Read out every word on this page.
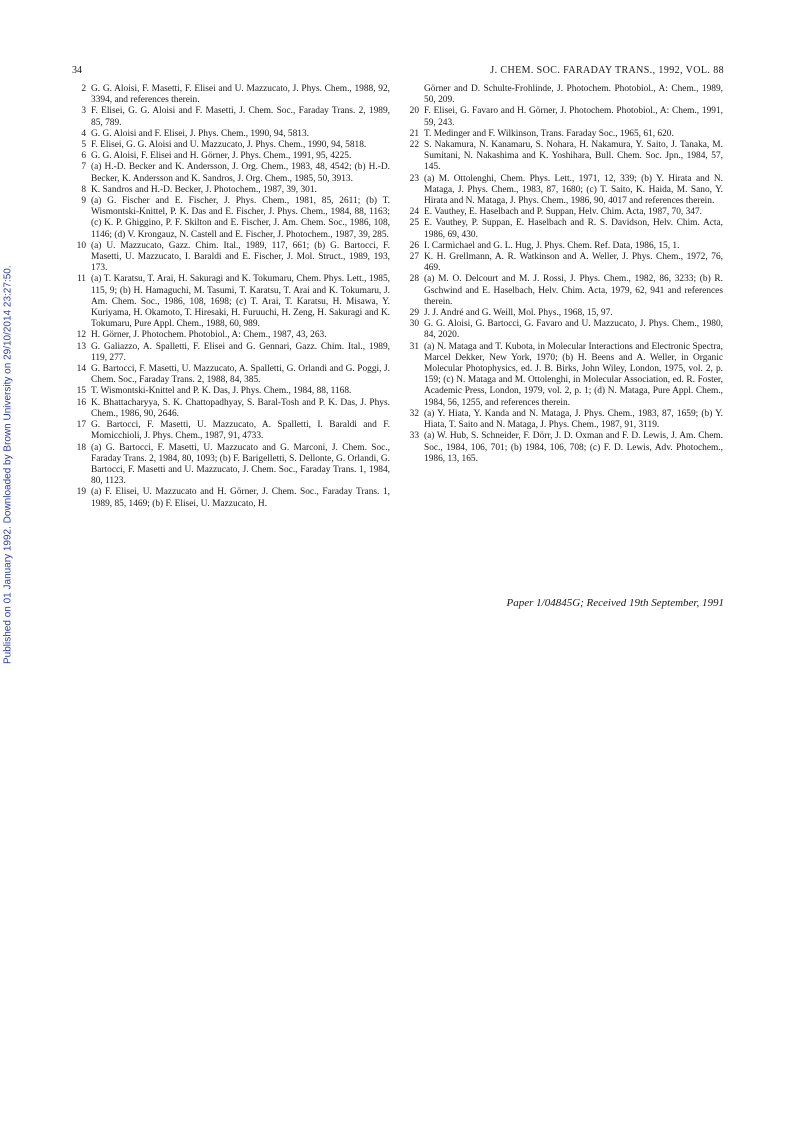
Published on 01 January 1992. Downloaded by Brown University on 29/10/2014 23:27:50.
34	J. CHEM. SOC. FARADAY TRANS., 1992, VOL. 88
2 G. G. Aloisi, F. Masetti, F. Elisei and U. Mazzucato, J. Phys. Chem., 1988, 92, 3394, and references therein.
3 F. Elisei, G. G. Aloisi and F. Masetti, J. Chem. Soc., Faraday Trans. 2, 1989, 85, 789.
4 G. G. Aloisi and F. Elisei, J. Phys. Chem., 1990, 94, 5813.
5 F. Elisei, G. G. Aloisi and U. Mazzucato, J. Phys. Chem., 1990, 94, 5818.
6 G. G. Aloisi, F. Elisei and H. Görner, J. Phys. Chem., 1991, 95, 4225.
7 (a) H.-D. Becker and K. Andersson, J. Org. Chem., 1983, 48, 4542; (b) H.-D. Becker, K. Andersson and K. Sandros, J. Org. Chem., 1985, 50, 3913.
8 K. Sandros and H.-D. Becker, J. Photochem., 1987, 39, 301.
9 (a) G. Fischer and E. Fischer, J. Phys. Chem., 1981, 85, 2611; (b) T. Wismontski-Knittel, P. K. Das and E. Fischer, J. Phys. Chem., 1984, 88, 1163; (c) K. P. Ghiggino, P. F. Skilton and E. Fischer, J. Am. Chem. Soc., 1986, 108, 1146; (d) V. Krongauz, N. Castell and E. Fischer, J. Photochem., 1987, 39, 285.
10 (a) U. Mazzucato, Gazz. Chim. Ital., 1989, 117, 661; (b) G. Bartocci, F. Masetti, U. Mazzucato, I. Baraldi and E. Fischer, J. Mol. Struct., 1989, 193, 173.
11 (a) T. Karatsu, T. Arai, H. Sakuragi and K. Tokumaru, Chem. Phys. Lett., 1985, 115, 9; (b) H. Hamaguchi, M. Tasumi, T. Karatsu, T. Arai and K. Tokumaru, J. Am. Chem. Soc., 1986, 108, 1698; (c) T. Arai, T. Karatsu, H. Misawa, Y. Kuriyama, H. Okamoto, T. Hiresaki, H. Furuuchi, H. Zeng, H. Sakuragi and K. Tokumaru, Pure Appl. Chem., 1988, 60, 989.
12 H. Görner, J. Photochem. Photobiol., A: Chem., 1987, 43, 263.
13 G. Galiazzo, A. Spalletti, F. Elisei and G. Gennari, Gazz. Chim. Ital., 1989, 119, 277.
14 G. Bartocci, F. Masetti, U. Mazzucato, A. Spalletti, G. Orlandi and G. Poggi, J. Chem. Soc., Faraday Trans. 2, 1988, 84, 385.
15 T. Wismontski-Knittel and P. K. Das, J. Phys. Chem., 1984, 88, 1168.
16 K. Bhattacharyya, S. K. Chattopadhyay, S. Baral-Tosh and P. K. Das, J. Phys. Chem., 1986, 90, 2646.
17 G. Bartocci, F. Masetti, U. Mazzucato, A. Spalletti, I. Baraldi and F. Momicchioli, J. Phys. Chem., 1987, 91, 4733.
18 (a) G. Bartocci, F. Masetti, U. Mazzucato and G. Marconi, J. Chem. Soc., Faraday Trans. 2, 1984, 80, 1093; (b) F. Barigelletti, S. Dellonte, G. Orlandi, G. Bartocci, F. Masetti and U. Mazzucato, J. Chem. Soc., Faraday Trans. 1, 1984, 80, 1123.
19 (a) F. Elisei, U. Mazzucato and H. Görner, J. Chem. Soc., Faraday Trans. 1, 1989, 85, 1469; (b) F. Elisei, U. Mazzucato, H.
Görner and D. Schulte-Frohlinde, J. Photochem. Photobiol., A: Chem., 1989, 50, 209.
20 F. Elisei, G. Favaro and H. Görner, J. Photochem. Photobiol., A: Chem., 1991, 59, 243.
21 T. Medinger and F. Wilkinson, Trans. Faraday Soc., 1965, 61, 620.
22 S. Nakamura, N. Kanamaru, S. Nohara, H. Nakamura, Y. Saito, J. Tanaka, M. Sumitani, N. Nakashima and K. Yoshihara, Bull. Chem. Soc. Jpn., 1984, 57, 145.
23 (a) M. Ottolenghi, Chem. Phys. Lett., 1971, 12, 339; (b) Y. Hirata and N. Mataga, J. Phys. Chem., 1983, 87, 1680; (c) T. Saito, K. Haida, M. Sano, Y. Hirata and N. Mataga, J. Phys. Chem., 1986, 90, 4017 and references therein.
24 E. Vauthey, E. Haselbach and P. Suppan, Helv. Chim. Acta, 1987, 70, 347.
25 E. Vauthey, P. Suppan, E. Haselbach and R. S. Davidson, Helv. Chim. Acta, 1986, 69, 430.
26 I. Carmichael and G. L. Hug, J. Phys. Chem. Ref. Data, 1986, 15, 1.
27 K. H. Grellmann, A. R. Watkinson and A. Weller, J. Phys. Chem., 1972, 76, 469.
28 (a) M. O. Delcourt and M. J. Rossi, J. Phys. Chem., 1982, 86, 3233; (b) R. Gschwind and E. Haselbach, Helv. Chim. Acta, 1979, 62, 941 and references therein.
29 J. J. André and G. Weill, Mol. Phys., 1968, 15, 97.
30 G. G. Aloisi, G. Bartocci, G. Favaro and U. Mazzucato, J. Phys. Chem., 1980, 84, 2020.
31 (a) N. Mataga and T. Kubota, in Molecular Interactions and Electronic Spectra, Marcel Dekker, New York, 1970; (b) H. Beens and A. Weller, in Organic Molecular Photophysics, ed. J. B. Birks, John Wiley, London, 1975, vol. 2, p. 159; (c) N. Mataga and M. Ottolenghi, in Molecular Association, ed. R. Foster, Academic Press, London, 1979, vol. 2, p. 1; (d) N. Mataga, Pure Appl. Chem., 1984, 56, 1255, and references therein.
32 (a) Y. Hiata, Y. Kanda and N. Mataga, J. Phys. Chem., 1983, 87, 1659; (b) Y. Hiata, T. Saito and N. Mataga, J. Phys. Chem., 1987, 91, 3119.
33 (a) W. Hub, S. Schneider, F. Dörr, J. D. Oxman and F. D. Lewis, J. Am. Chem. Soc., 1984, 106, 701; (b) 1984, 106, 708; (c) F. D. Lewis, Adv. Photochem., 1986, 13, 165.
Paper 1/04845G; Received 19th September, 1991
